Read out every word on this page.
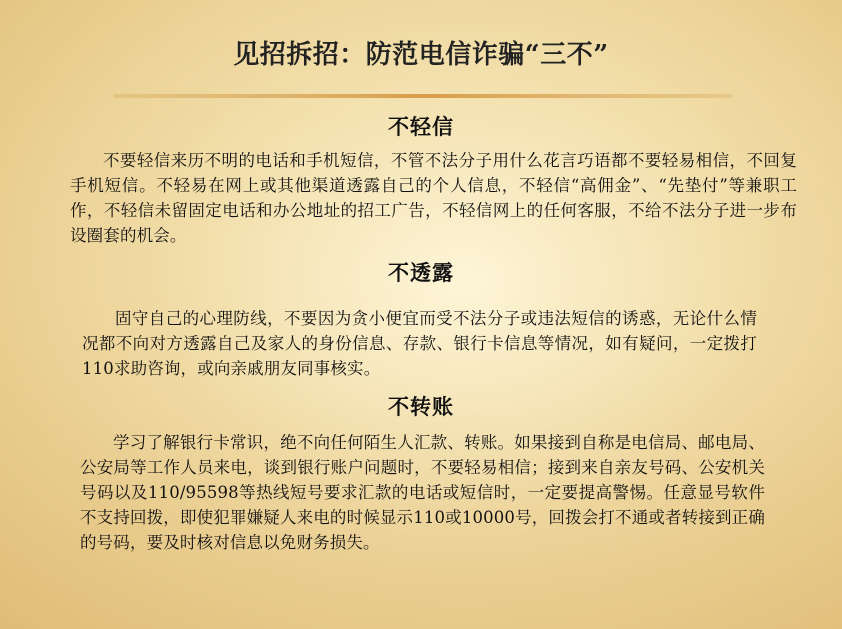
见招拆招：防范电信诈骗“三不”
不轻信

不要轻信来历不明的电话和手机短信，不管不法分子用什么花言巧语都不要轻易相信，不回复手机短信。不轻易在网上或其他渠道透露自己的个人信息，不轻信“高佣金”、“先垫付”等兼职工作，不轻信未留固定电话和办公地址的招工广告，不轻信网上的任何客服，不给不法分子进一步布设圈套的机会。

不透露

固守自己的心理防线，不要因为贪小便宜而受不法分子或违法短信的诱惑，无论什么情况都不向对方透露自己及家人的身份信息、存款、银行卡信息等情况，如有疑问，一定拨打110求助咨询，或向亲戚朋友同事核实。

不转账

学习了解银行卡常识，绝不向任何陌生人汇款、转账。如果接到自称是电信局、邮电局、公安局等工作人员来电，谈到银行账户问题时，不要轻易相信；接到来自亲友号码、公安机关号码以及110/95598等热线短号要求汇款的电话或短信时，一定要提高警惕。任意显号软件不支持回拨，即使犯罪嫌疑人来电的时候显示110或10000号，回拨会打不通或者转接到正确的号码，要及时核对信息以免财务损失。
